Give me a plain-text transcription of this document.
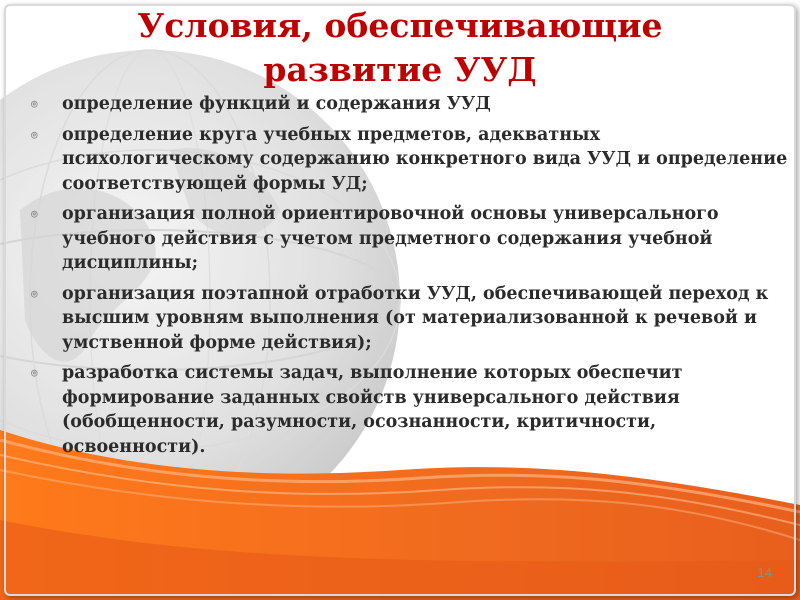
Условия, обеспечивающие
развитие УУД
⌾ определение функций и содержания УУД
⌾ определение круга учебных предметов, адекватных психологическому содержанию конкретного вида УУД и определение соответствующей формы УД;
⌾ организация полной ориентировочной основы универсального учебного действия с учетом предметного содержания учебной дисциплины;
⌾ организация поэтапной отработки УУД, обеспечивающей переход к высшим уровням выполнения (от материализованной к речевой и умственной форме действия);
⌾ разработка системы задач, выполнение которых обеспечит формирование заданных свойств универсального действия (обобщенности, разумности, осознанности, критичности, освоенности).
14
